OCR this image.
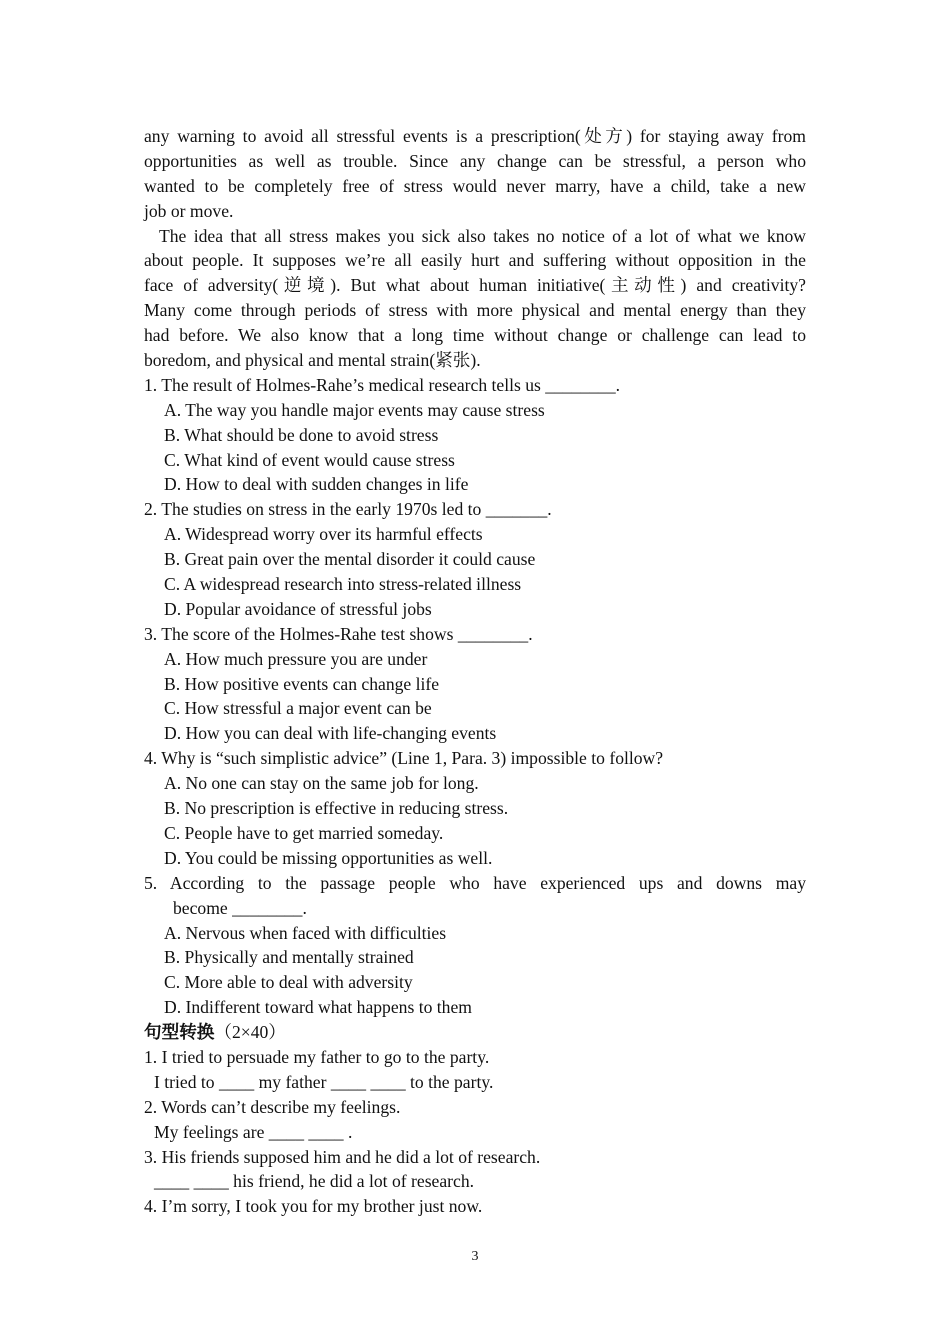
any warning to avoid all stressful events is a prescription(处方) for staying away from
opportunities as well as trouble. Since any change can be stressful, a person who
wanted to be completely free of stress would never marry, have a child, take a new
job or move.
The idea that all stress makes you sick also takes no notice of a lot of what we know
about people. It supposes we’re all easily hurt and suffering without opposition in the
face of adversity(逆境). But what about human initiative(主动性) and creativity?
Many come through periods of stress with more physical and mental energy than they
had before. We also know that a long time without change or challenge can lead to
boredom, and physical and mental strain(紧张).
1. The result of Holmes-Rahe’s medical research tells us ________.
A. The way you handle major events may cause stress
B. What should be done to avoid stress
C. What kind of event would cause stress
D. How to deal with sudden changes in life
2. The studies on stress in the early 1970s led to _______.
A. Widespread worry over its harmful effects
B. Great pain over the mental disorder it could cause
C. A widespread research into stress-related illness
D. Popular avoidance of stressful jobs
3. The score of the Holmes-Rahe test shows ________.
A. How much pressure you are under
B. How positive events can change life
C. How stressful a major event can be
D. How you can deal with life-changing events
4. Why is “such simplistic advice” (Line 1, Para. 3) impossible to follow?
A. No one can stay on the same job for long.
B. No prescription is effective in reducing stress.
C. People have to get married someday.
D. You could be missing opportunities as well.
5. According to the passage people who have experienced ups and downs may
become ________.
A. Nervous when faced with difficulties
B. Physically and mentally strained
C. More able to deal with adversity
D. Indifferent toward what happens to them
句型转换（2×40）
1. I tried to persuade my father to go to the party.
I tried to ____ my father ____ ____ to the party.
2. Words can’t describe my feelings.
My feelings are ____ ____ .
3. His friends supposed him and he did a lot of research.
____ ____ his friend, he did a lot of research.
4. I’m sorry, I took you for my brother just now.
3
